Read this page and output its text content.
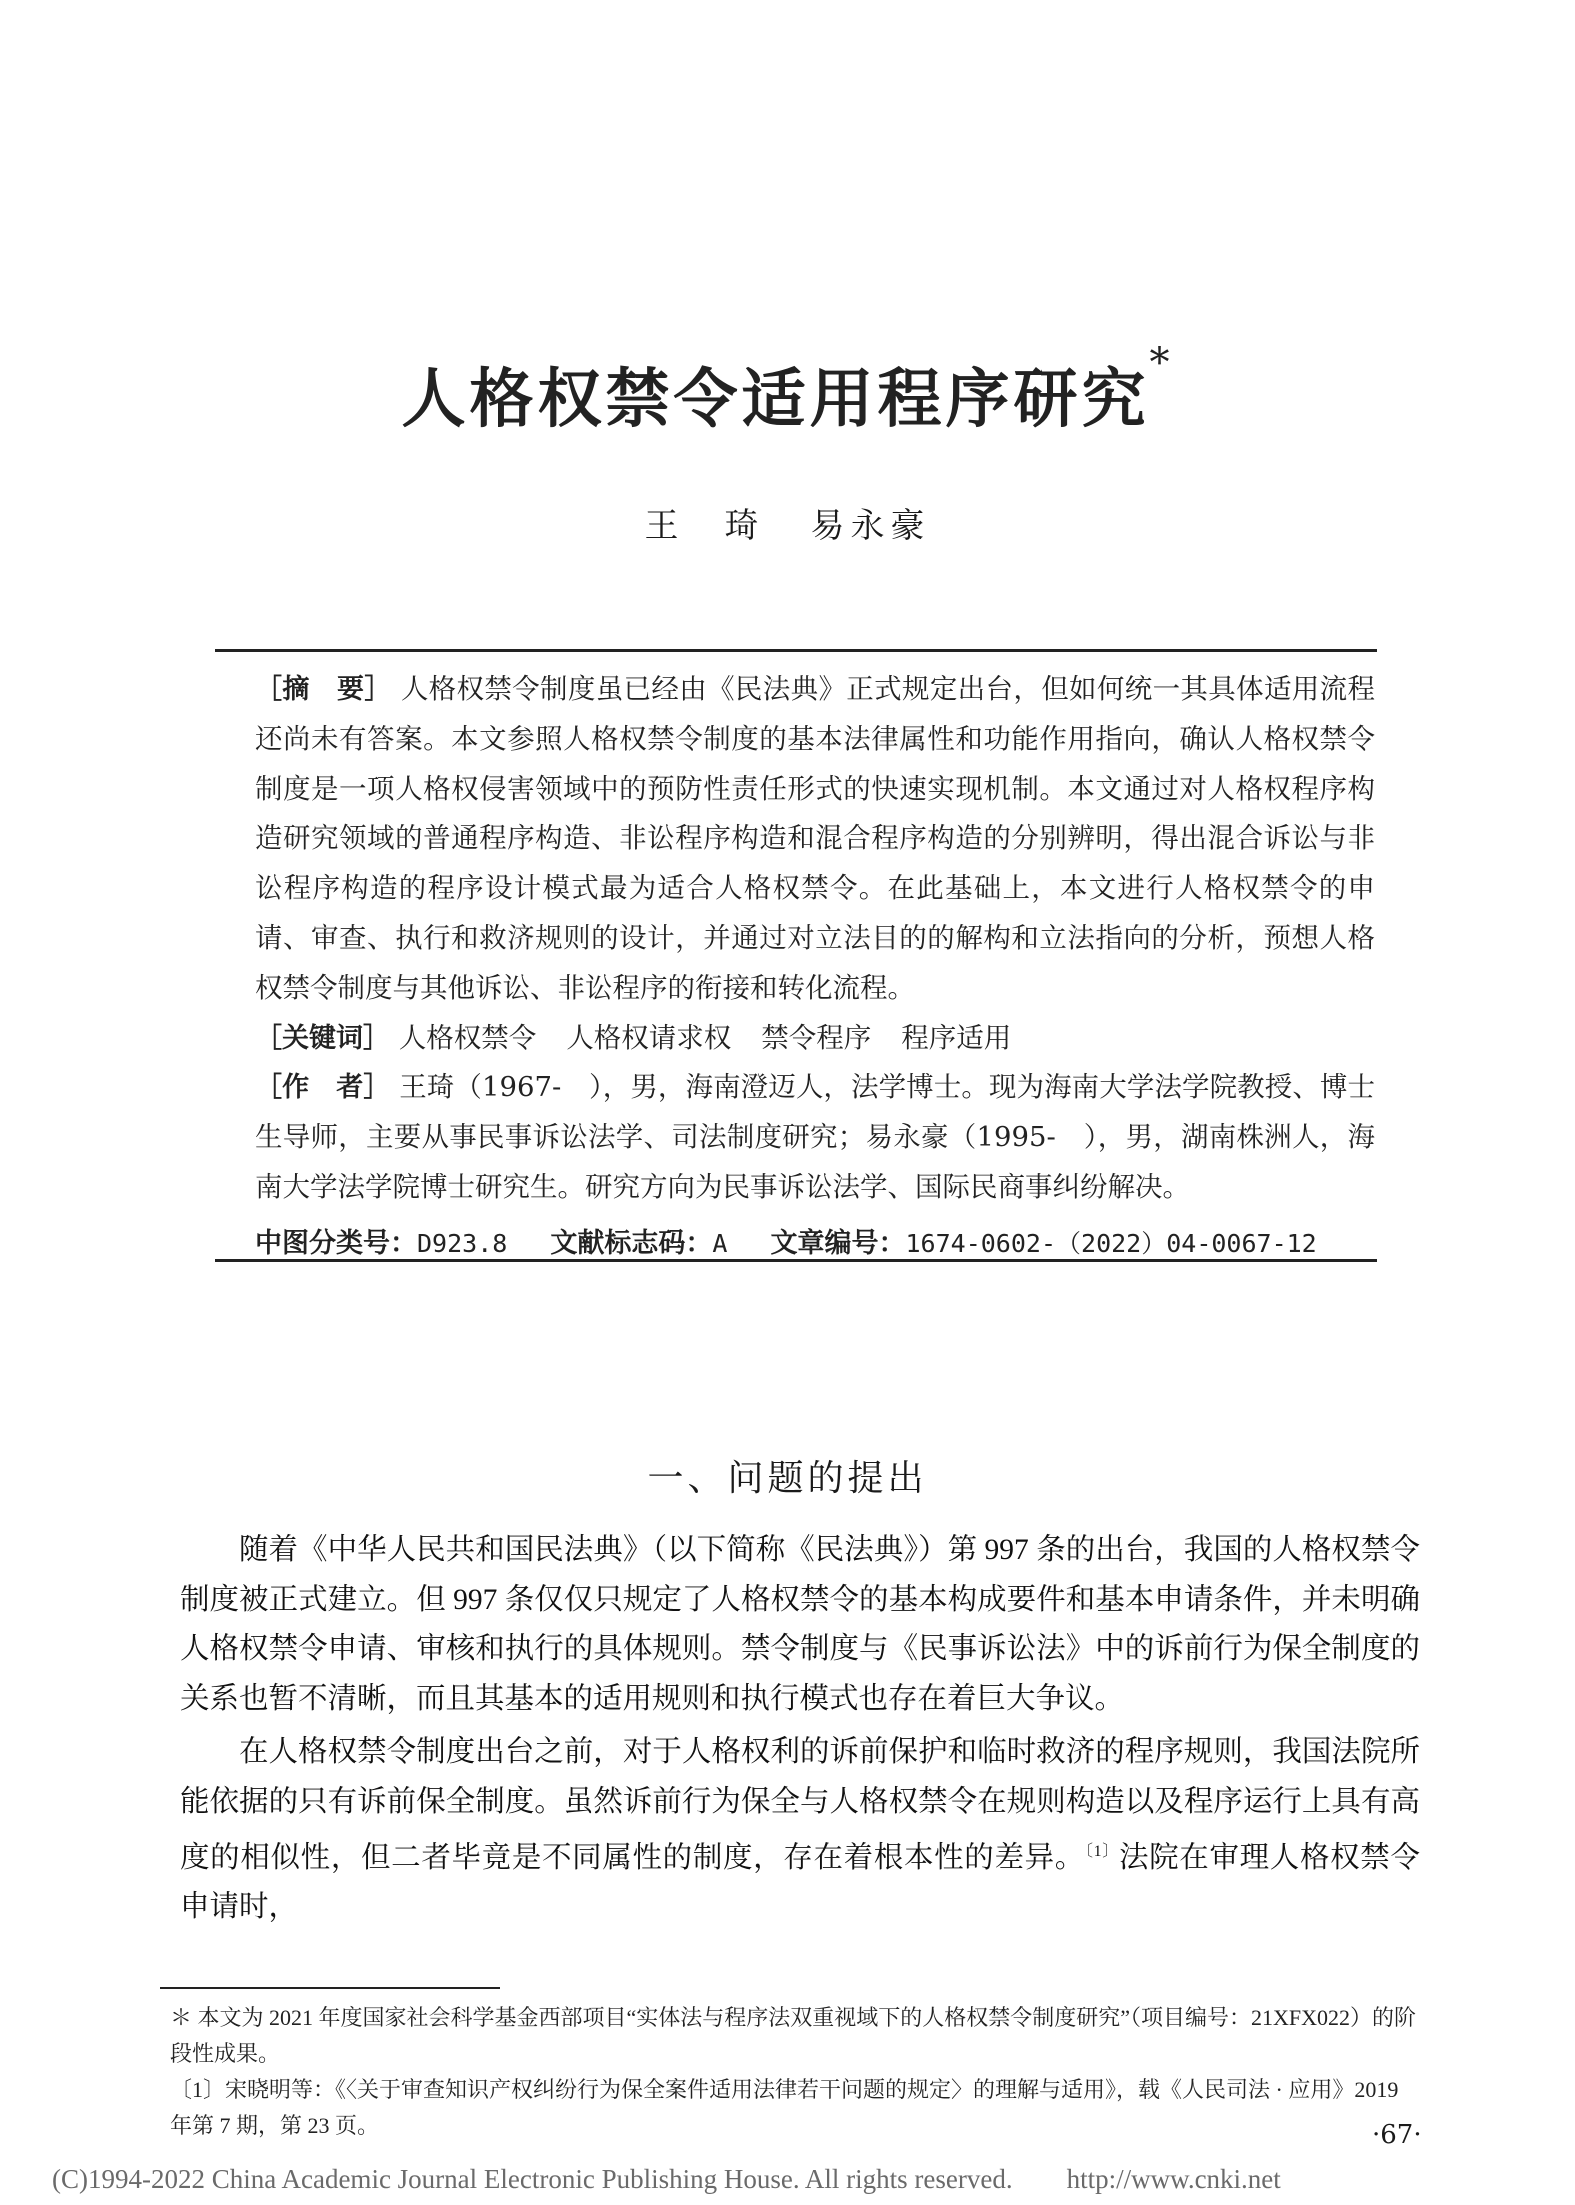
人格权禁令适用程序研究*
王　琦 易永豪

［摘　要］ 人格权禁令制度虽已经由《民法典》正式规定出台，但如何统一其具体适用流程还尚未有答案。本文参照人格权禁令制度的基本法律属性和功能作用指向，确认人格权禁令制度是一项人格权侵害领域中的预防性责任形式的快速实现机制。本文通过对人格权程序构造研究领域的普通程序构造、非讼程序构造和混合程序构造的分别辨明，得出混合诉讼与非讼程序构造的程序设计模式最为适合人格权禁令。在此基础上，本文进行人格权禁令的申请、审查、执行和救济规则的设计，并通过对立法目的的解构和立法指向的分析，预想人格权禁令制度与其他诉讼、非讼程序的衔接和转化流程。

［关键词］ 人格权禁令 人格权请求权 禁令程序 程序适用

［作　者］ 王琦（1967-　），男，海南澄迈人，法学博士。现为海南大学法学院教授、博士生导师，主要从事民事诉讼法学、司法制度研究；易永豪（1995-　），男，湖南株洲人，海南大学法学院博士研究生。研究方向为民事诉讼法学、国际民商事纠纷解决。

中图分类号：D923.8 文献标志码：A 文章编号：1674-0602-（2022）04-0067-12

一、问题的提出

随着《中华人民共和国民法典》（以下简称《民法典》）第 997 条的出台，我国的人格权禁令制度被正式建立。但 997 条仅仅只规定了人格权禁令的基本构成要件和基本申请条件，并未明确人格权禁令申请、审核和执行的具体规则。禁令制度与《民事诉讼法》中的诉前行为保全制度的关系也暂不清晰，而且其基本的适用规则和执行模式也存在着巨大争议。

在人格权禁令制度出台之前，对于人格权利的诉前保护和临时救济的程序规则，我国法院所能依据的只有诉前保全制度。虽然诉前行为保全与人格权禁令在规则构造以及程序运行上具有高度的相似性，但二者毕竟是不同属性的制度，存在着根本性的差异。$^{〔1〕}$法院在审理人格权禁令申请时，

＊ 本文为 2021 年度国家社会科学基金西部项目“实体法与程序法双重视域下的人格权禁令制度研究”（项目编号：21XFX022）的阶段性成果。

〔1〕宋晓明等：《〈关于审查知识产权纠纷行为保全案件适用法律若干问题的规定〉的理解与适用》，载《人民司法 · 应用》2019 年第 7 期，第 23 页。	·67·
(C)1994-2022 China Academic Journal Electronic Publishing House. All rights reserved.　　http://www.cnki.net
